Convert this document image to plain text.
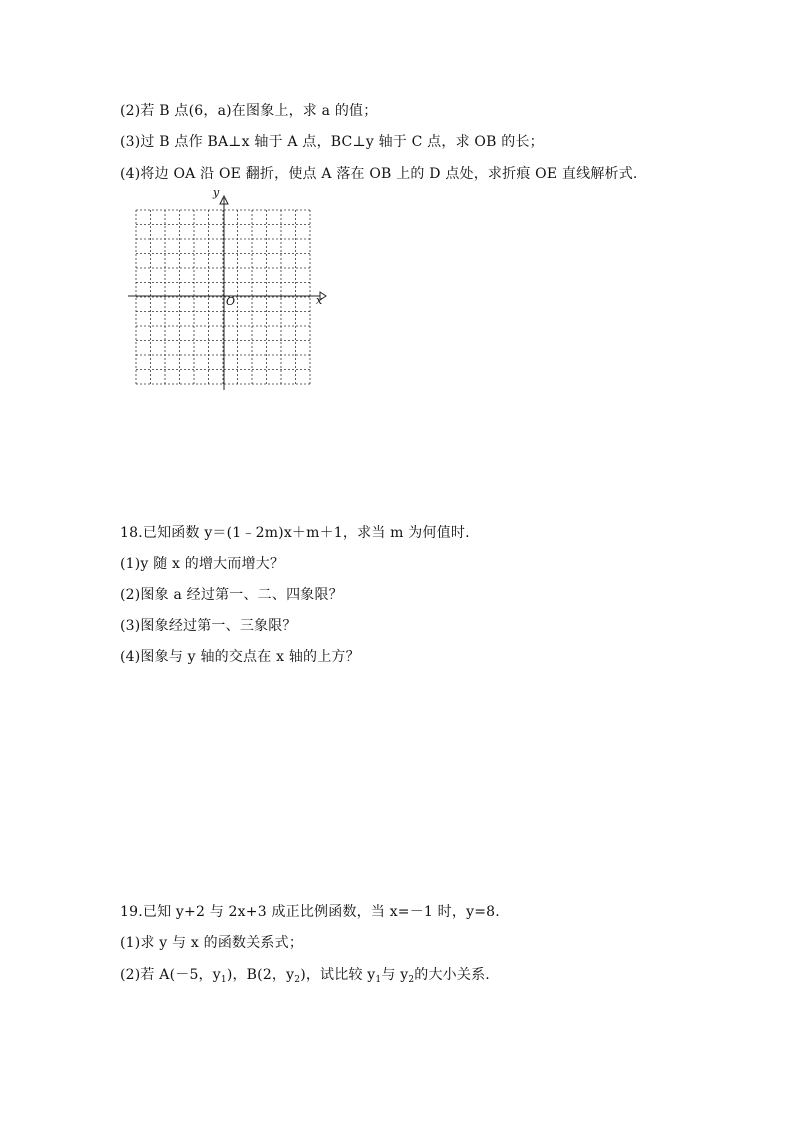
(2)若 B 点(6，a)在图象上，求 a 的值；
(3)过 B 点作 BA⊥x 轴于 A 点，BC⊥y 轴于 C 点，求 OB 的长；
(4)将边 OA 沿 OE 翻折，使点 A 落在 OB 上的 D 点处，求折痕 OE 直线解析式.
y
x
O
18.已知函数 y＝(1﹣2m)x＋m＋1，求当 m 为何值时.
(1)y 随 x 的增大而增大？
(2)图象 a 经过第一、二、四象限？
(3)图象经过第一、三象限？
(4)图象与 y 轴的交点在 x 轴的上方？
19.已知 y+2 与 2x+3 成正比例函数，当 x=－1 时，y=8.
(1)求 y 与 x 的函数关系式；
(2)若 A(－5，$y_1$)，B(2，$y_2$)，试比较 $y_1$与 $y_2$的大小关系.
